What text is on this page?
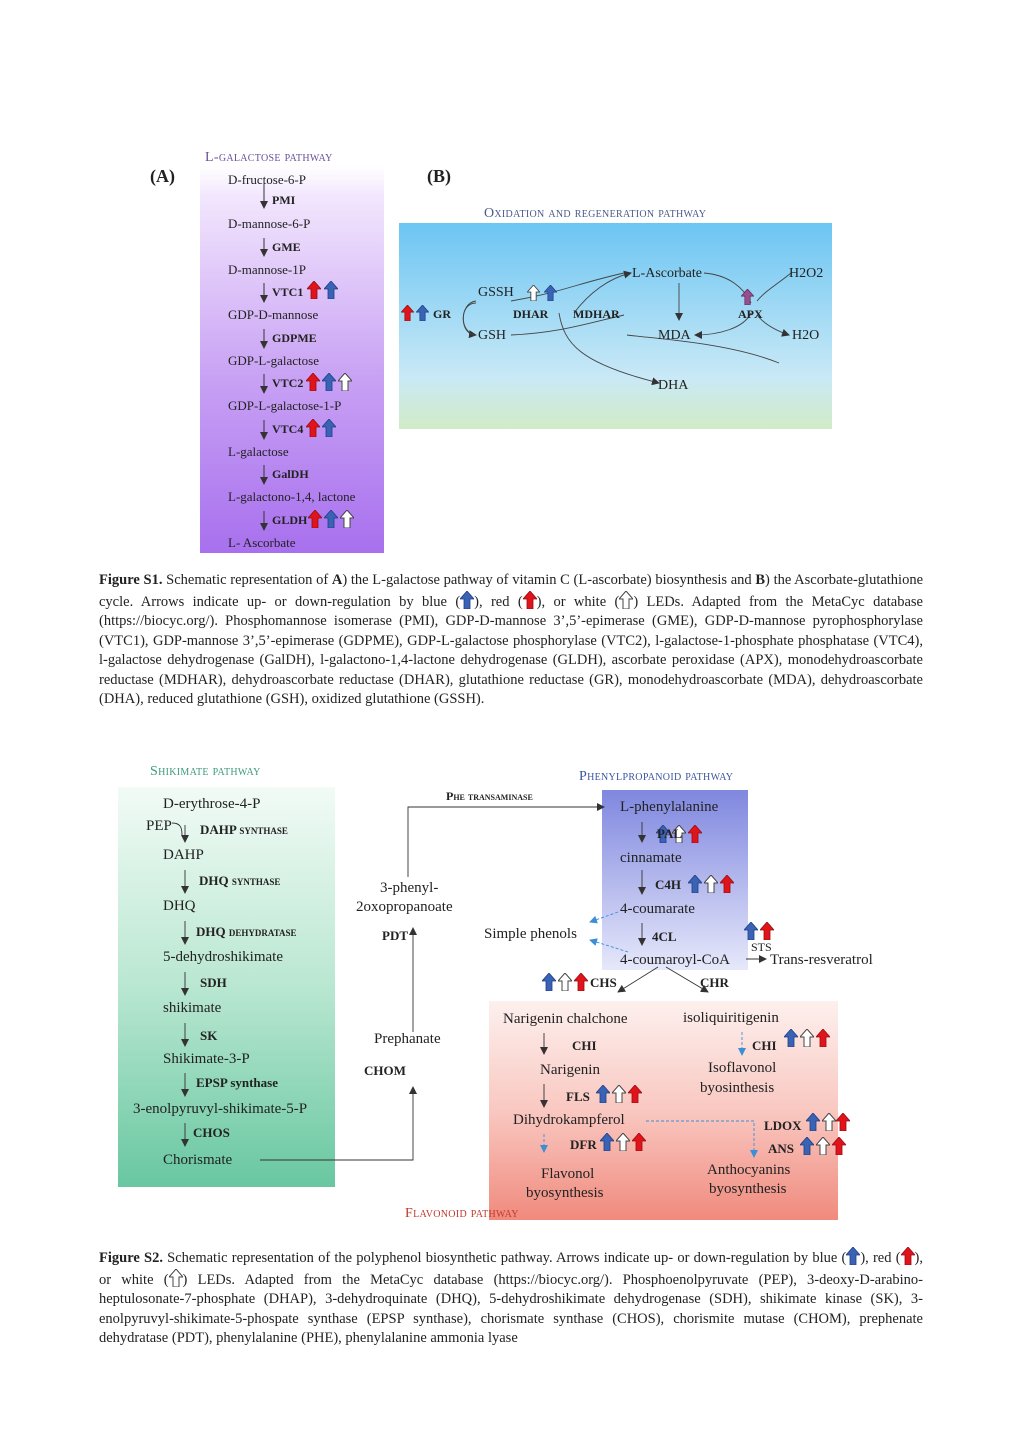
(A)	(B)
L-galactose pathway
D-fructose-6-P
PMI
D-mannose-6-P
GME
D-mannose-1P
VTC1
GDP-D-mannose
GDPME
GDP-L-galactose
VTC2
GDP-L-galactose-1-P
VTC4
L-galactose
GalDH
L-galactono-1,4, lactone
GLDH
L- Ascorbate
Oxidation and regeneration pathway
GSSH
GSH
GR	DHAR MDHAR
L-Ascorbate
MDA
DHA
APX
H2O2
H2O

Figure S1. Schematic representation of A) the L-galactose pathway of vitamin C (L-ascorbate) biosynthesis and B) the Ascorbate-glutathione cycle. Arrows indicate up- or down-regulation by blue ( ), red ( ), or white ( ) LEDs. Adapted from the MetaCyc database (https://biocyc.org/). Phosphomannose isomerase (PMI), GDP-D-mannose 3’,5’-epimerase (GME), GDP-D-mannose pyrophosphorylase (VTC1), GDP-mannose 3’,5’-epimerase (GDPME), GDP-L-galactose phosphorylase (VTC2), l-galactose-1-phosphate phosphatase (VTC4), l-galactose dehydrogenase (GalDH), l-galactono-1,4-lactone dehydrogenase (GLDH), ascorbate peroxidase (APX), monodehydroascorbate reductase (MDHAR), dehydroascorbate reductase (DHAR), glutathione reductase (GR), monodehydroascorbate (MDA), dehydroascorbate (DHA), reduced glutathione (GSH), oxidized glutathione (GSSH).

Shikimate pathway	Phenylpropanoid pathway
Flavonoid pathway
D-erythrose-4-P
PEP DAHP synthase
DAHP
DHQ synthase
DHQ
DHQ dehydratase
5-dehydroshikimate
SDH
shikimate
SK
Shikimate-3-P
EPSP synthase
3-enolpyruvyl-shikimate-5-P
CHOS
Chorismate
3-phenyl-
2oxopropanoate
PDT
Prephanate
CHOM
Phe transaminase
L-phenylalanine
PAL
cinnamate
C4H
4-coumarate
4CL
4-coumaroyl-CoA
Simple phenols
Trans-resveratrol
STS
CHS	CHR
Narigenin chalchone	isoliquiritigenin
CHI	CHI
Narigenin	Isoflavonol
byosinthesis
FLS
Dihydrokampferol
DFR
Flavonol
byosynthesis
LDOX
ANS
Anthocyanins
byosynthesis

Figure S2. Schematic representation of the polyphenol biosynthetic pathway. Arrows indicate up- or down-regulation by blue ( ), red ( ), or white ( ) LEDs. Adapted from the MetaCyc database (https://biocyc.org/). Phosphoenolpyruvate (PEP), 3-deoxy-D-arabino-heptulosonate-7-phosphate (DHAP), 3-dehydroquinate (DHQ), 5-dehydroshikimate dehydrogenase (SDH), shikimate kinase (SK), 3-enolpyruvyl-shikimate-5-phospate synthase (EPSP synthase), chorismate synthase (CHOS), chorismite mutase (CHOM), prephenate dehydratase (PDT), phenylalanine (PHE), phenylalanine ammonia lyase
